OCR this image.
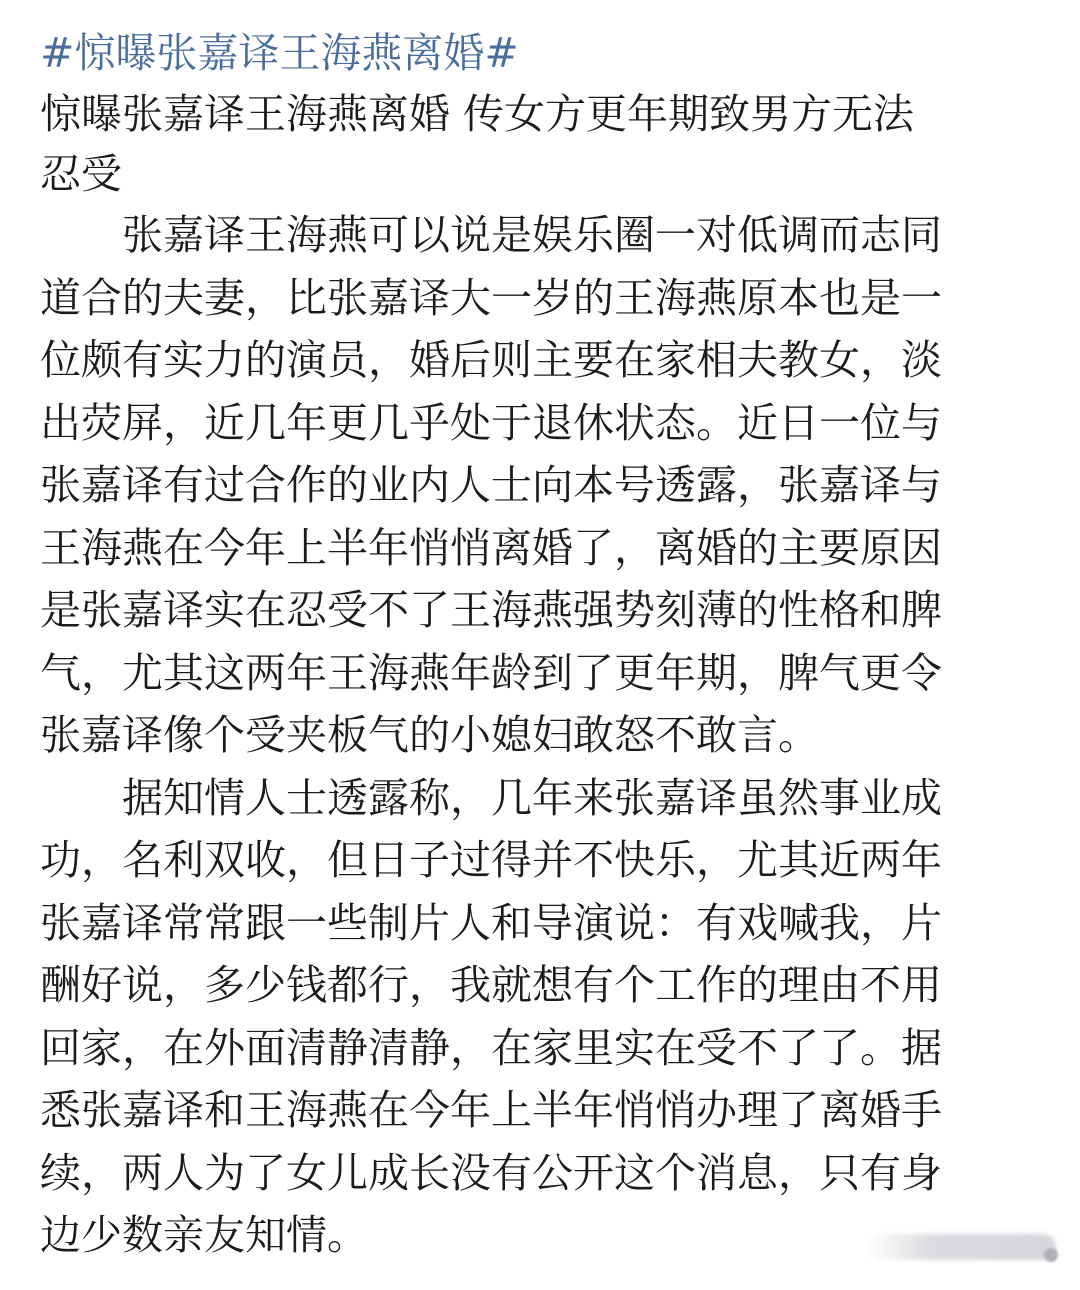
#惊曝张嘉译王海燕离婚#
惊曝张嘉译王海燕离婚 传女方更年期致男方无法
忍受

　　张嘉译王海燕可以说是娱乐圈一对低调而志同
道合的夫妻，比张嘉译大一岁的王海燕原本也是一
位颇有实力的演员，婚后则主要在家相夫教女，淡
出荧屏，近几年更几乎处于退休状态。近日一位与
张嘉译有过合作的业内人士向本号透露，张嘉译与
王海燕在今年上半年悄悄离婚了，离婚的主要原因
是张嘉译实在忍受不了王海燕强势刻薄的性格和脾
气，尤其这两年王海燕年龄到了更年期，脾气更令
张嘉译像个受夹板气的小媳妇敢怒不敢言。

　　据知情人士透露称，几年来张嘉译虽然事业成
功，名利双收，但日子过得并不快乐，尤其近两年
张嘉译常常跟一些制片人和导演说：有戏喊我，片
酬好说，多少钱都行，我就想有个工作的理由不用
回家，在外面清静清静，在家里实在受不了了。据
悉张嘉译和王海燕在今年上半年悄悄办理了离婚手
续，两人为了女儿成长没有公开这个消息，只有身
边少数亲友知情。
